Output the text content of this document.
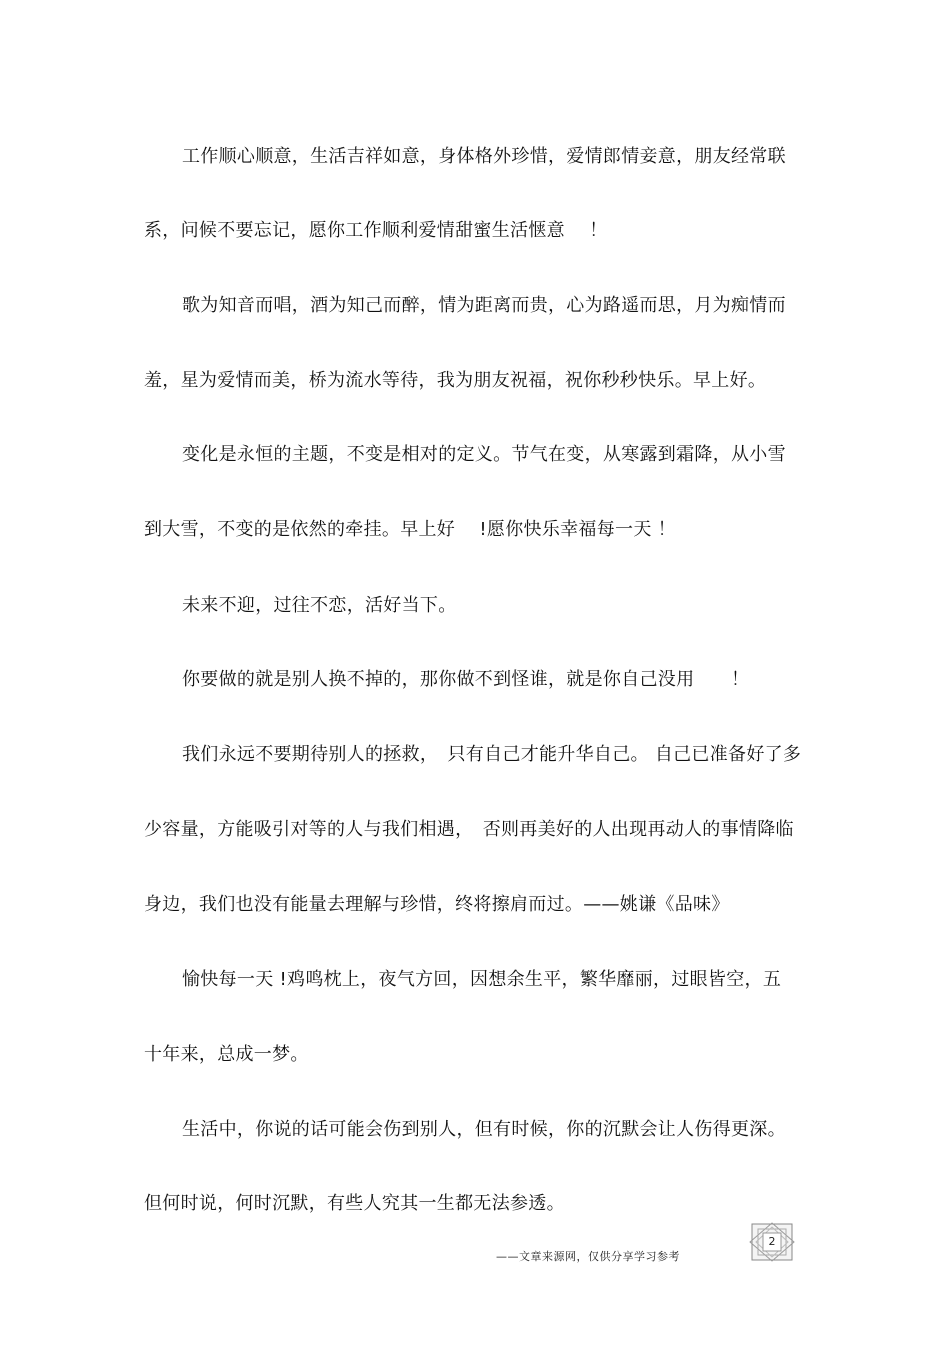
工作顺心顺意，生活吉祥如意，身体格外珍惜，爱情郎情妾意，朋友经常联
系，问候不要忘记，愿你工作顺利爱情甜蜜生活惬意　 ！
歌为知音而唱，酒为知己而醉，情为距离而贵，心为路遥而思，月为痴情而
羞，星为爱情而美，桥为流水等待，我为朋友祝福，祝你秒秒快乐。早上好。
变化是永恒的主题，不变是相对的定义。节气在变，从寒露到霜降，从小雪
到大雪，不变的是依然的牵挂。早上好　 !愿你快乐幸福每一天 ！
未来不迎，过往不恋，活好当下。
你要做的就是别人换不掉的，那你做不到怪谁，就是你自己没用　　！
我们永远不要期待别人的拯救，　只有自己才能升华自己。 自己已准备好了多
少容量，方能吸引对等的人与我们相遇，　否则再美好的人出现再动人的事情降临
身边，我们也没有能量去理解与珍惜，终将擦肩而过。——姚谦《品味》
愉快每一天 !鸡鸣枕上，夜气方回，因想余生平，繁华靡丽，过眼皆空，五
十年来，总成一梦。
生活中，你说的话可能会伤到别人，但有时候，你的沉默会让人伤得更深。
但何时说，何时沉默，有些人究其一生都无法参透。
2
——文章来源网，仅供分享学习参考
